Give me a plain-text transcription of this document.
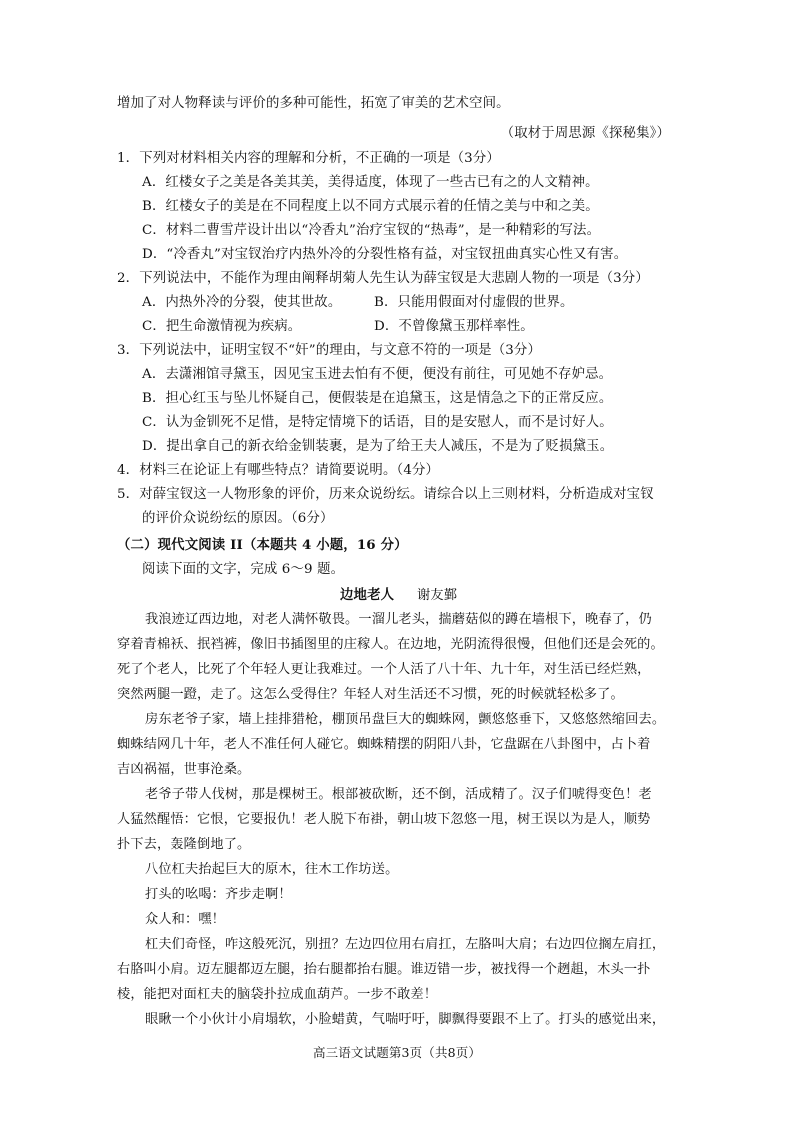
增加了对人物释读与评价的多种可能性，拓宽了审美的艺术空间。
（取材于周思源《探秘集》）
1．下列对材料相关内容的理解和分析，不正确的一项是（3分）
A．红楼女子之美是各美其美，美得适度，体现了一些古已有之的人文精神。
B．红楼女子的美是在不同程度上以不同方式展示着的任情之美与中和之美。
C．材料二曹雪芹设计出以“冷香丸”治疗宝钗的“热毒”，是一种精彩的写法。
D．“冷香丸”对宝钗治疗内热外冷的分裂性格有益，对宝钗扭曲真实心性又有害。
2．下列说法中，不能作为理由阐释胡菊人先生认为薛宝钗是大悲剧人物的一项是（3分）
A．内热外冷的分裂，使其世故。 B．只能用假面对付虚假的世界。
C．把生命激情视为疾病。	D．不曾像黛玉那样率性。
3．下列说法中，证明宝钗不“奸”的理由，与文意不符的一项是（3分）
A．去潇湘馆寻黛玉，因见宝玉进去怕有不便，便没有前往，可见她不存妒忌。
B．担心红玉与坠儿怀疑自己，便假装是在追黛玉，这是情急之下的正常反应。
C．认为金钏死不足惜，是特定情境下的话语，目的是安慰人，而不是讨好人。
D．提出拿自己的新衣给金钏装裹，是为了给王夫人减压，不是为了贬损黛玉。
4．材料三在论证上有哪些特点？请简要说明。（4分）
5．对薛宝钗这一人物形象的评价，历来众说纷纭。请综合以上三则材料，分析造成对宝钗
的评价众说纷纭的原因。（6分）
（二）现代文阅读 II（本题共 4 小题，16 分）
阅读下面的文字，完成 6～9 题。
边地老人 谢友鄞
我浪迹辽西边地，对老人满怀敬畏。一溜儿老头，揣蘑菇似的蹲在墙根下，晚春了，仍
穿着青棉袄、抿裆裤，像旧书插图里的庄稼人。在边地，光阴流得很慢，但他们还是会死的。
死了个老人，比死了个年轻人更让我难过。一个人活了八十年、九十年，对生活已经烂熟，
突然两腿一蹬，走了。这怎么受得住？年轻人对生活还不习惯，死的时候就轻松多了。
房东老爷子家，墙上挂排猎枪，棚顶吊盘巨大的蜘蛛网，颤悠悠垂下，又悠悠然缩回去。
蜘蛛结网几十年，老人不准任何人碰它。蜘蛛精摆的阴阳八卦，它盘踞在八卦图中，占卜着
吉凶祸福，世事沧桑。
老爷子带人伐树，那是棵树王。根部被砍断，还不倒，活成精了。汉子们唬得变色！老
人猛然醒悟：它恨，它要报仇！老人脱下布褂，朝山坡下忽悠一甩，树王误以为是人，顺势
扑下去，轰隆倒地了。
八位杠夫抬起巨大的原木，往木工作坊送。
打头的吆喝：齐步走啊！
众人和：嘿！
杠夫们奇怪，咋这般死沉，别扭？左边四位用右肩扛，左胳叫大肩；右边四位搁左肩扛，
右胳叫小肩。迈左腿都迈左腿，抬右腿都抬右腿。谁迈错一步，被找得一个趔趄，木头一扑
棱，能把对面杠夫的脑袋扑拉成血葫芦。一步不敢差！
眼瞅一个小伙计小肩塌软，小脸蜡黄，气喘吁吁，脚飘得要跟不上了。打头的感觉出来，
高三语文试题第3页（共8页）
